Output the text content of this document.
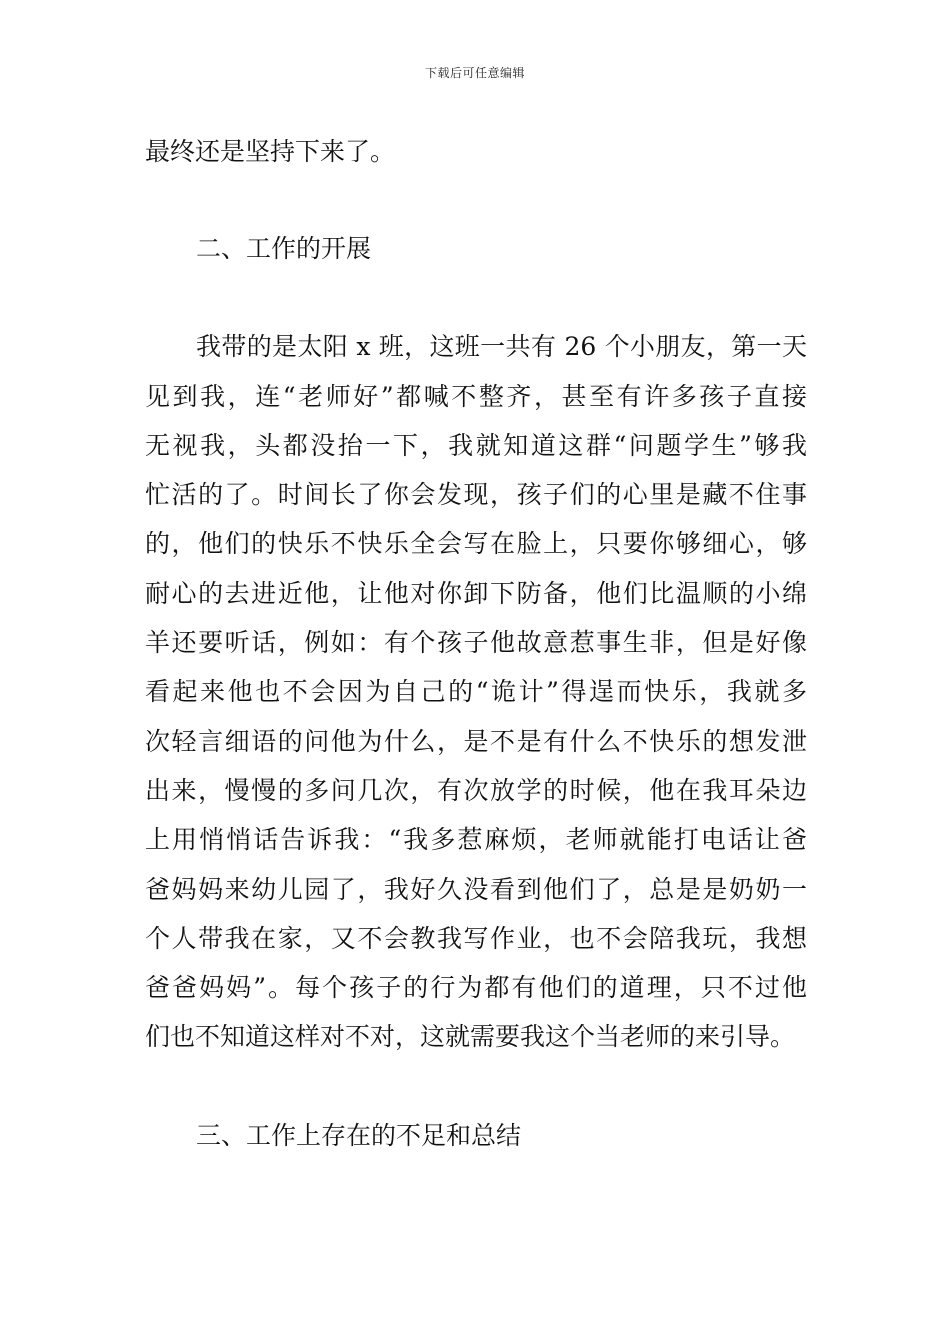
下载后可任意编辑
最终还是坚持下来了。
二、工作的开展
我带的是太阳 x 班，这班一共有 26 个小朋友，第一天
见到我，连“老师好”都喊不整齐，甚至有许多孩子直接
无视我，头都没抬一下，我就知道这群“问题学生”够我
忙活的了。时间长了你会发现，孩子们的心里是藏不住事
的，他们的快乐不快乐全会写在脸上，只要你够细心，够
耐心的去进近他，让他对你卸下防备，他们比温顺的小绵
羊还要听话，例如：有个孩子他故意惹事生非，但是好像
看起来他也不会因为自己的“诡计”得逞而快乐，我就多
次轻言细语的问他为什么，是不是有什么不快乐的想发泄
出来，慢慢的多问几次，有次放学的时候，他在我耳朵边
上用悄悄话告诉我：“我多惹麻烦，老师就能打电话让爸
爸妈妈来幼儿园了，我好久没看到他们了，总是是奶奶一
个人带我在家，又不会教我写作业，也不会陪我玩，我想
爸爸妈妈”。每个孩子的行为都有他们的道理，只不过他
们也不知道这样对不对，这就需要我这个当老师的来引导。
三、工作上存在的不足和总结
